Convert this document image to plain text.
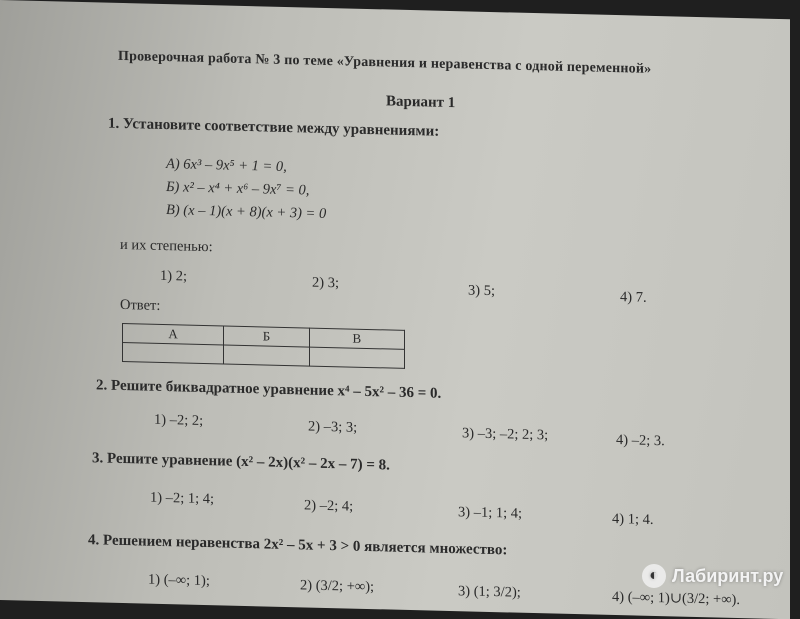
Проверочная работа № 3 по теме «Уравнения и неравенства с одной переменной»
Вариант 1
1. Установите соответствие между уравнениями:
А) 6x³ – 9x⁵ + 1 = 0,
Б) x² – x⁴ + x⁶ – 9x⁷ = 0,
В) (x – 1)(x + 8)(x + 3) = 0
и их степенью:
1) 2;	2) 3;	3) 5;	4) 7.
Ответ:
А	Б	В

2. Решите биквадратное уравнение x⁴ – 5x² – 36 = 0.
1) –2; 2;	2) –3; 3;	3) –3; –2; 2; 3;	4) –2; 3.
3. Решите уравнение (x² – 2x)(x² – 2x – 7) = 8.
1) –2; 1; 4;	2) –2; 4;	3) –1; 1; 4;	4) 1; 4.
4. Решением неравенства 2x² – 5x + 3 > 0 является множество:
1) (–∞; 1);	2) (3/2; +∞);	3) (1; 3/2);	4) (–∞; 1)∪(3/2; +∞).
◐ Лабиринт.ру
